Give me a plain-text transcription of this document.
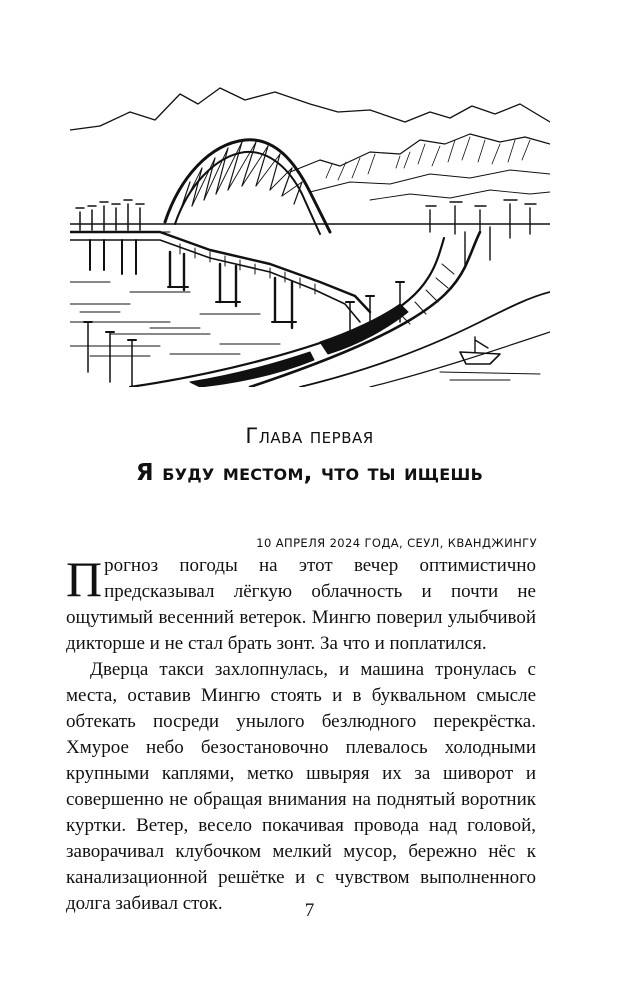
Глава первая
Я буду местом, что ты ищешь
10 АПРЕЛЯ 2024 ГОДА, СЕУЛ, КВАНДЖИНГУ

Прогноз погоды на этот вечер оптимистично предсказывал лёгкую облачность и почти не ощутимый весенний ветерок. Мингю поверил улыбчивой дикторше и не стал брать зонт. За что и поплатился.

Дверца такси захлопнулась, и машина тронулась с места, оставив Мингю стоять и в буквальном смысле обтекать посреди унылого безлюдного перекрёстка. Хмурое небо безостановочно плевалось холодными крупными каплями, метко швыряя их за шиворот и совершенно не обращая внимания на поднятый воротник куртки. Ветер, весело покачивая провода над головой, заворачивал клубочком мелкий мусор, бережно нёс к канализационной решётке и с чувством выполненного долга забивал сток.	7
